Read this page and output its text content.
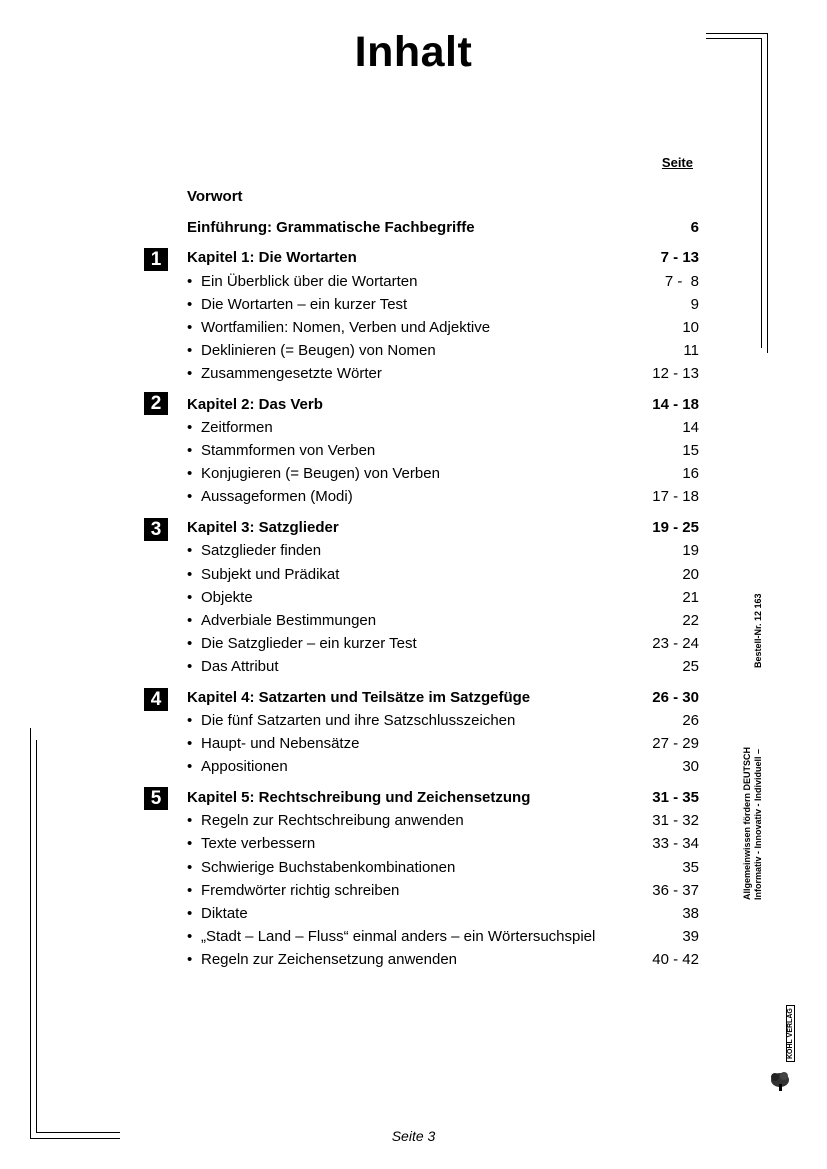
Inhalt
Seite
Vorwort
Einführung: Grammatische Fachbegriffe	6
1	Kapitel 1: Die Wortarten	7 - 13
• Ein Überblick über die Wortarten	7 -  8
• Die Wortarten – ein kurzer Test	9
• Wortfamilien: Nomen, Verben und Adjektive	10
• Deklinieren (= Beugen) von Nomen	11
• Zusammengesetzte Wörter	12 - 13
2	Kapitel 2: Das Verb	14 - 18
• Zeitformen	14
• Stammformen von Verben	15
• Konjugieren (= Beugen) von Verben	16
• Aussageformen (Modi)	17 - 18
3	Kapitel 3: Satzglieder	19 - 25
• Satzglieder finden	19
• Subjekt und Prädikat	20
• Objekte	21
• Adverbiale Bestimmungen	22
• Die Satzglieder – ein kurzer Test	23 - 24
• Das Attribut	25
4	Kapitel 4: Satzarten und Teilsätze im Satzgefüge	26 - 30
• Die fünf Satzarten und ihre Satzschlusszeichen	26
• Haupt- und Nebensätze	27 - 29
• Appositionen	30
5	Kapitel 5: Rechtschreibung und Zeichensetzung	31 - 35
• Regeln zur Rechtschreibung anwenden	31 - 32
• Texte verbessern	33 - 34
• Schwierige Buchstabenkombinationen	35
• Fremdwörter richtig schreiben	36 - 37
• Diktate	38
• „Stadt – Land – Fluss“ einmal anders – ein Wörtersuchspiel	39
• Regeln zur Zeichensetzung anwenden	40 - 42
Allgemeinwissen fördern DEUTSCH Informativ - Innovativ - Individuell –
Bestell-Nr. 12 163
KOHL VERLAG
Seite 3
